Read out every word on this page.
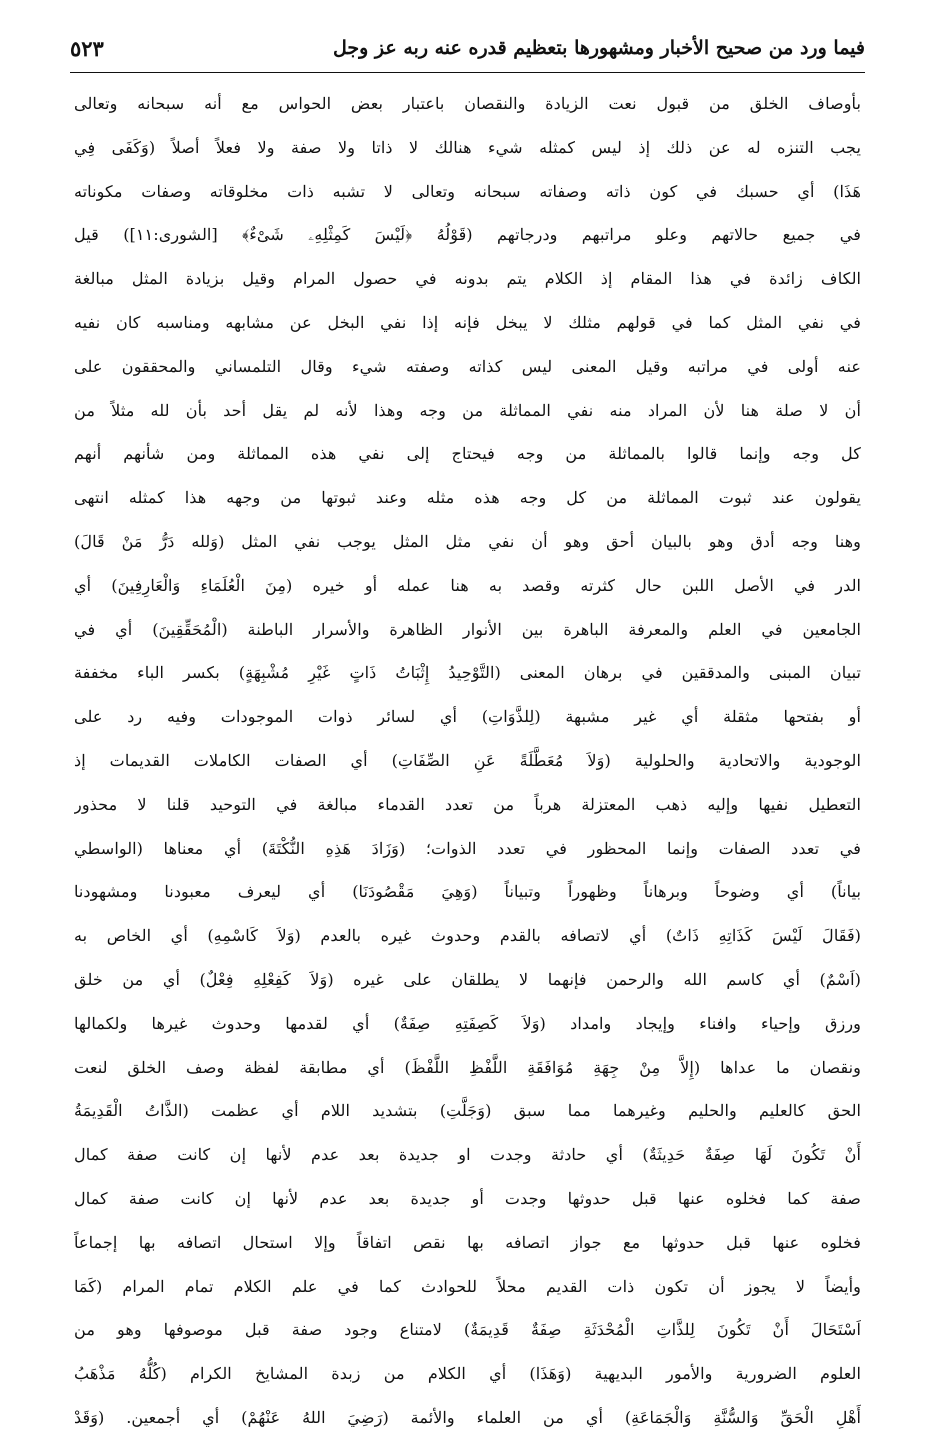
فيما ورد من صحيح الأخبار ومشهورها بتعظيم قدره عنه ربه عز وجل
٥٢٣
بأوصاف الخلق من قبول نعت الزيادة والنقصان باعتبار بعض الحواس مع أنه سبحانه وتعالى
يجب التنزه له عن ذلك إذ ليس كمثله شيء هنالك لا ذاتا ولا صفة ولا فعلاً أصلاً (وَكَفَى فِي
هَذَا) أي حسبك في كون ذاته وصفاته سبحانه وتعالى لا تشبه ذات مخلوقاته وصفات مكوناته
في جميع حالاتهم وعلو مراتبهم ودرجاتهم (قَوْلُهُ ﴿لَيْسَ كَمِثْلِهِۦ شَىْءٌ﴾ [الشورى:١١]) قيل
الكاف زائدة في هذا المقام إذ الكلام يتم بدونه في حصول المرام وقيل بزيادة المثل مبالغة
في نفي المثل كما في قولهم مثلك لا يبخل فإنه إذا نفي البخل عن مشابهه ومناسبه كان نفيه
عنه أولى في مراتبه وقيل المعنى ليس كذاته وصفته شيء وقال التلمساني والمحققون على
أن لا صلة هنا لأن المراد منه نفي المماثلة من وجه وهذا لأنه لم يقل أحد بأن لله مثلاً من
كل وجه وإنما قالوا بالمماثلة من وجه فيحتاج إلى نفي هذه المماثلة ومن شأنهم أنهم
يقولون عند ثبوت المماثلة من كل وجه هذه مثله وعند ثبوتها من وجهه هذا كمثله انتهى
وهنا وجه أدق وهو بالبيان أحق وهو أن نفي مثل المثل يوجب نفي المثل (وَلله دَرُّ مَنْ قَالَ)
الدر في الأصل اللبن حال كثرته وقصد به هنا عمله أو خيره (مِنَ الْعُلَمَاءِ وَالْعَارِفِينَ) أي
الجامعين في العلم والمعرفة الباهرة بين الأنوار الظاهرة والأسرار الباطنة (الْمُحَقِّقِينَ) أي في
تبيان المبنى والمدققين في برهان المعنى (التَّوْحِيدُ إِثْبَاتُ ذَاتٍ غَيْرِ مُشْبِهَةٍ) بكسر الباء مخففة
أو بفتحها مثقلة أي غير مشبهة (لِلذَّوَاتِ) أي لسائر ذوات الموجودات وفيه رد على
الوجودية والاتحادية والحلولية (وَلاَ مُعَطَّلَةً عَنِ الصِّفَاتِ) أي الصفات الكاملات القديمات إذ
التعطيل نفيها وإليه ذهب المعتزلة هرباً من تعدد القدماء مبالغة في التوحيد قلنا لا محذور
في تعدد الصفات وإنما المحظور في تعدد الذوات؛ (وَزَادَ هَذِهِ النُّكْتَةَ) أي معناها (الواسطي
بياناً) أي وضوحاً وبرهاناً وظهوراً وتبياناً (وَهِيَ مَقْصُودَنَا) أي ليعرف معبودنا ومشهودنا
(فَقَالَ لَيْسَ كَذَاتِهِ ذَاتٌ) أي لاتصافه بالقدم وحدوث غيره بالعدم (وَلاَ كَاسْمِهِ) أي الخاص به
(اَسْمٌ) أي كاسم الله والرحمن فإنهما لا يطلقان على غيره (وَلاَ كَفِعْلِهِ فِعْلٌ) أي من خلق
ورزق وإحياء وافناء وإيجاد وامداد (وَلاَ كَصِفَتِهِ صِفَةٌ) أي لقدمها وحدوث غيرها ولكمالها
ونقصان ما عداها (إِلاَّ مِنْ جِهَةِ مُوَافَقَةِ اللَّفْظِ اللَّفْظَ) أي مطابقة لفظة وصف الخلق لنعت
الحق كالعليم والحليم وغيرهما مما سبق (وَجَلَّتِ) بتشديد اللام أي عظمت (الذَّاتُ الْقَدِيمَةُ
أَنْ تَكُونَ لَهَا صِفَةٌ حَدِيثَةٌ) أي حادثة وجدت او جديدة بعد عدم لأنها إن كانت صفة كمال
صفة كما فخلوه عنها قبل حدوثها وجدت أو جديدة بعد عدم لأنها إن كانت صفة كمال
فخلوه عنها قبل حدوثها مع جواز اتصافه بها نقص اتفاقاً وإلا استحال اتصافه بها إجماعاً
وأيضاً لا يجوز أن تكون ذات القديم محلاً للحوادث كما في علم الكلام تمام المرام (كَمَا
اَسْتَحَالَ أَنْ تَكُونَ لِلذَّاتِ الْمُحْدَثَةِ صِفَةٌ قَدِيمَةٌ) لامتناع وجود صفة قبل موصوفها وهو من
العلوم الضرورية والأمور البديهية (وَهَذَا) أي الكلام من زبدة المشايخ الكرام (كُلُّهُ مَذْهَبُ
أَهْلِ الْحَقِّ وَالسُّنَّةِ وَالْجَمَاعَةِ) أي من العلماء والأئمة (رَضِيَ اللهُ عَنْهُمْ) أي أجمعين. (وَقَدْ
